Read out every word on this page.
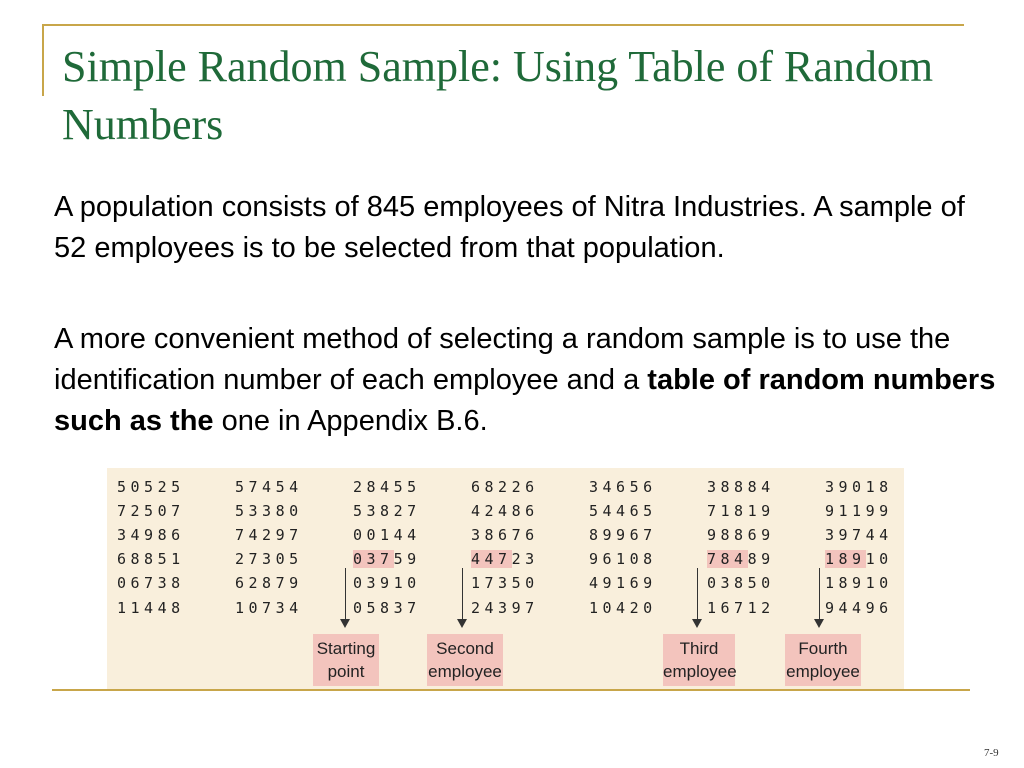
Simple Random Sample: Using Table of Random Numbers

A population consists of 845 employees of Nitra Industries. A sample of 52 employees is to be selected from that population.

A more convenient method of selecting a random sample is to use the identification number of each employee and a table of random numbers such as the one in Appendix B.6.

50525
72507
34986
68851
06738
11448
57454
53380
74297
27305
62879
10734
28455
53827
00144
03759
03910
05837
68226
42486
38676
44723
17350
24397
34656
54465
89967
96108
49169
10420
38884
71819
98869
78489
03850
16712
39018
91199
39744
18910
18910
94496
Starting
point
Second
employee
Third
employee
Fourth
employee
7-9
